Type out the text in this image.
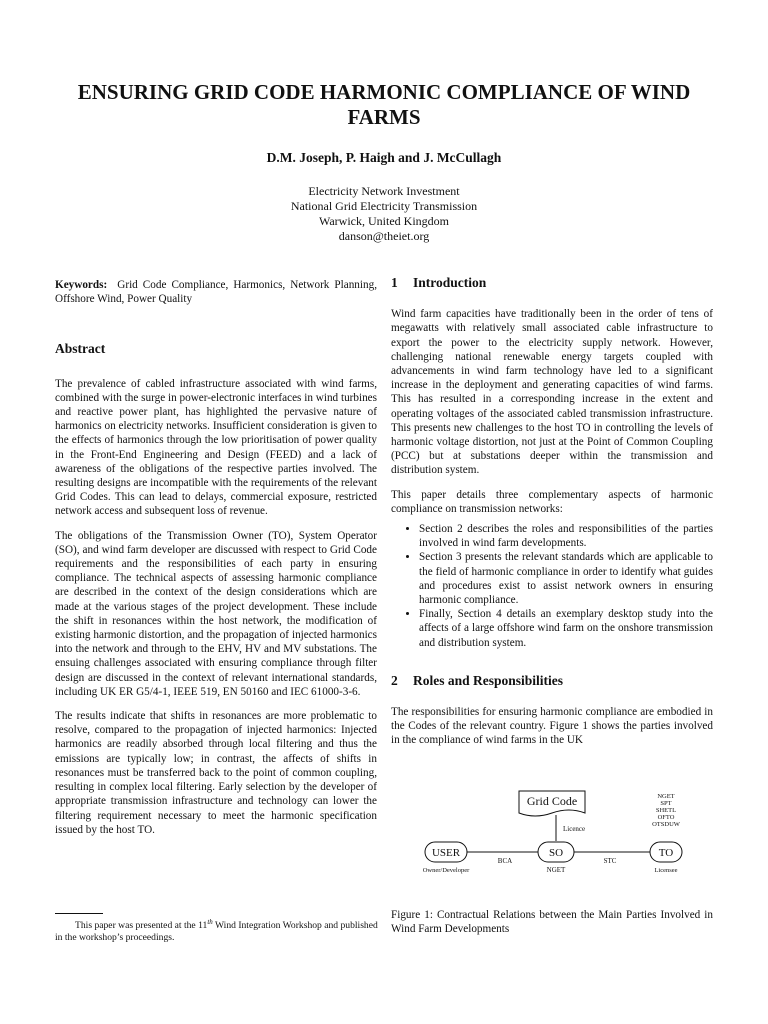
ENSURING GRID CODE HARMONIC COMPLIANCE OF WIND FARMS
D.M. Joseph, P. Haigh and J. McCullagh
Electricity Network Investment
National Grid Electricity Transmission
Warwick, United Kingdom
danson@theiet.org

Keywords: Grid Code Compliance, Harmonics, Network Planning, Offshore Wind, Power Quality

Abstract

The prevalence of cabled infrastructure associated with wind farms, combined with the surge in power-electronic interfaces in wind turbines and reactive power plant, has highlighted the pervasive nature of harmonics on electricity networks. Insufficient consideration is given to the effects of harmonics through the low prioritisation of power quality in the Front-End Engineering and Design (FEED) and a lack of awareness of the obligations of the respective parties involved. The resulting designs are incompatible with the requirements of the relevant Grid Codes. This can lead to delays, commercial exposure, restricted network access and subsequent loss of revenue.

The obligations of the Transmission Owner (TO), System Operator (SO), and wind farm developer are discussed with respect to Grid Code requirements and the responsibilities of each party in ensuring compliance. The technical aspects of assessing harmonic compliance are described in the context of the design considerations which are made at the various stages of the project development. These include the shift in resonances within the host network, the modification of existing harmonic distortion, and the propagation of injected harmonics into the network and through to the EHV, HV and MV substations. The ensuing challenges associated with ensuring compliance through filter design are discussed in the context of relevant international standards, including UK ER G5/4-1, IEEE 519, EN 50160 and IEC 61000-3-6.

The results indicate that shifts in resonances are more problematic to resolve, compared to the propagation of injected harmonics: Injected harmonics are readily absorbed through local filtering and thus the emissions are typically low; in contrast, the affects of shifts in resonances must be transferred back to the point of common coupling, resulting in complex local filtering. Early selection by the developer of appropriate transmission infrastructure and technology can lower the filtering requirement necessary to meet the harmonic specification issued by the host TO.

This paper was presented at the 11th Wind Integration Workshop and published in the workshop’s proceedings.
1 Introduction

Wind farm capacities have traditionally been in the order of tens of megawatts with relatively small associated cable infrastructure to export the power to the electricity supply network. However, challenging national renewable energy targets coupled with advancements in wind farm technology have led to a significant increase in the deployment and generating capacities of wind farms. This has resulted in a corresponding increase in the extent and operating voltages of the associated cabled transmission infrastructure. This presents new challenges to the host TO in controlling the levels of harmonic voltage distortion, not just at the Point of Common Coupling (PCC) but at substations deeper within the transmission and distribution system.

This paper details three complementary aspects of harmonic compliance on transmission networks:

• Section 2 describes the roles and responsibilities of the parties involved in wind farm developments.
• Section 3 presents the relevant standards which are applicable to the field of harmonic compliance in order to identify what guides and procedures exist to assist network owners in ensuring harmonic compliance.
• Finally, Section 4 details an exemplary desktop study into the affects of a large offshore wind farm on the onshore transmission and distribution system.
2 Roles and Responsibilities

The responsibilities for ensuring harmonic compliance are embodied in the Codes of the relevant country. Figure 1 shows the parties involved in the compliance of wind farms in the UK

Grid Code
Licence
USER
Owner/Developer
BCA
SO
NGET
STC
TO
Licensee
NGET
SPT
SHETL
OFTO
OTSDUW
Figure 1: Contractual Relations between the Main Parties Involved in Wind Farm Developments
